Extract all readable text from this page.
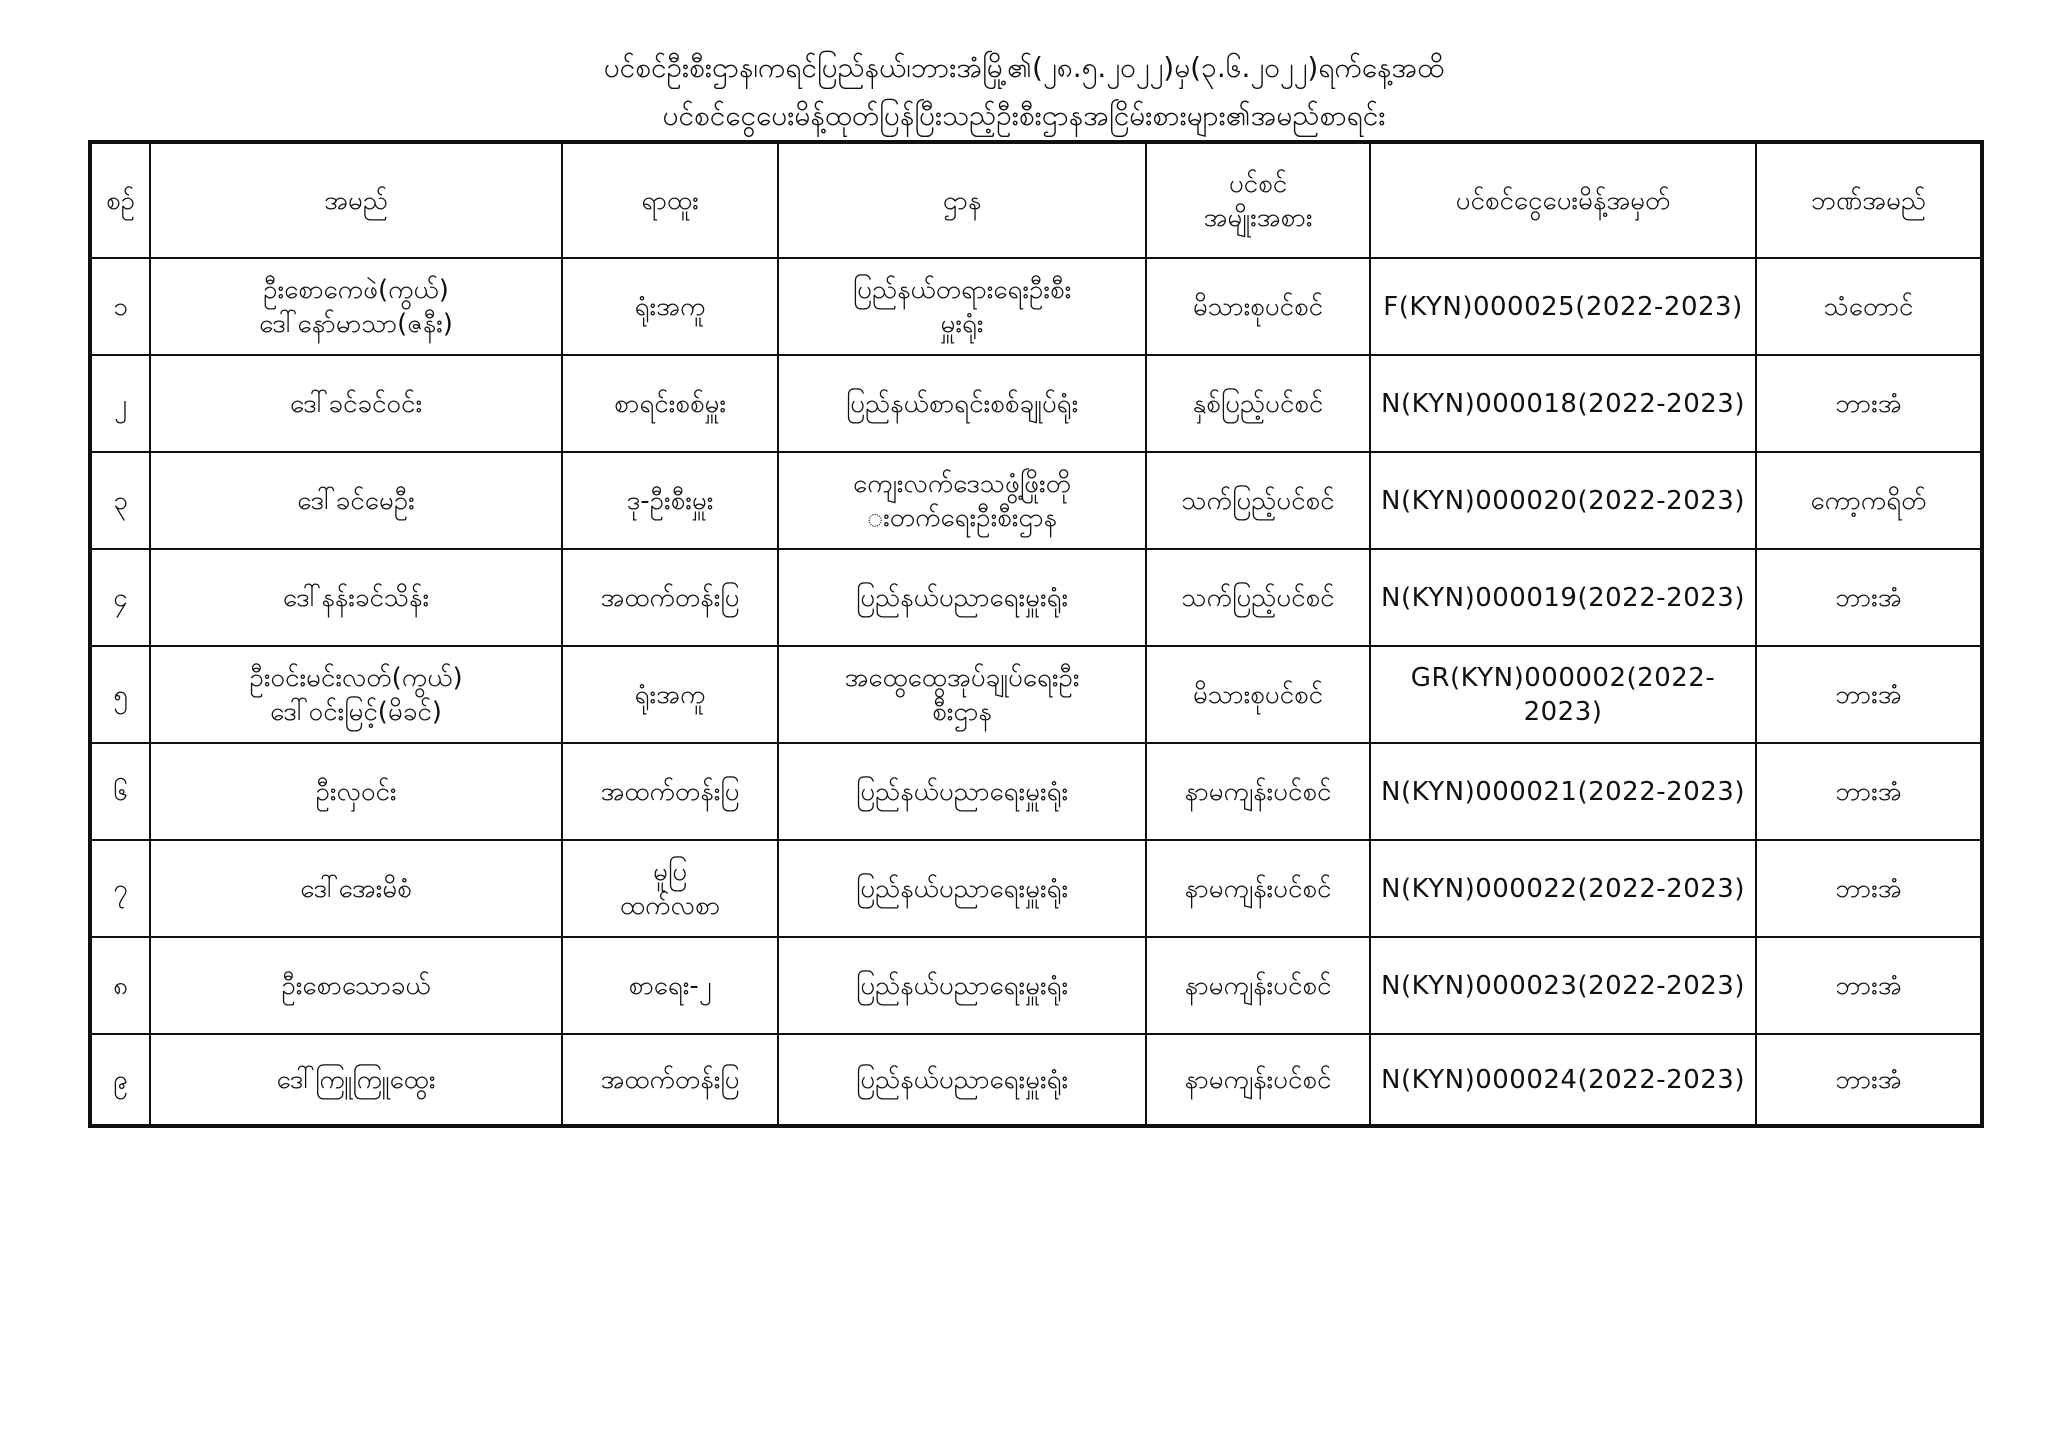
ပင်စင်ဦးစီးဌာန၊ကရင်ပြည်နယ်၊ဘားအံမြို့၏(၂၈.၅.၂၀၂၂)မှ(၃.၆.၂၀၂၂)ရက်နေ့အထိ
ပင်စင်ငွေပေးမိန့်ထုတ်ပြန်ပြီးသည့်ဦးစီးဌာနအငြိမ်းစားများ၏အမည်စာရင်း
စဉ်	အမည်	ရာထူး	ဌာန	ပင်စင်
အမျိုးအစား	ပင်စင်ငွေပေးမိန့်အမှတ်	ဘဏ်အမည်

၁	ဦးစောကေဖဲ(ကွယ်)
ဒေါ်နော်မာသာ(ဇနီး)	ရုံးအကူ	ပြည်နယ်တရားရေးဦးစီး
မှူးရုံး	မိသားစုပင်စင်	F(KYN)000025(2022-2023)	သံတောင်

၂	ဒေါ်ခင်ခင်ဝင်း	စာရင်းစစ်မှူး	ပြည်နယ်စာရင်းစစ်ချုပ်ရုံး	နှစ်ပြည့်ပင်စင်	N(KYN)000018(2022-2023)	ဘားအံ

၃	ဒေါ်ခင်မေဦး	ဒု-ဦးစီးမှူး	ကျေးလက်ဒေသဖွံ့ဖြိုးတို
းတက်ရေးဦးစီးဌာန	သက်ပြည့်ပင်စင်	N(KYN)000020(2022-2023)	ကော့ကရိတ်

၄	ဒေါ်နန်းခင်သိန်း	အထက်တန်းပြ	ပြည်နယ်ပညာရေးမှူးရုံး	သက်ပြည့်ပင်စင်	N(KYN)000019(2022-2023)	ဘားအံ

၅	ဦးဝင်းမင်းလတ်(ကွယ်)
ဒေါ်ဝင်းမြင့်(မိခင်)	ရုံးအကူ	အထွေထွေအုပ်ချုပ်ရေးဦး
စီးဌာန	မိသားစုပင်စင်	GR(KYN)000002(2022-2023)	ဘားအံ

၆	ဦးလှဝင်း	အထက်တန်းပြ	ပြည်နယ်ပညာရေးမှူးရုံး	နာမကျန်းပင်စင်	N(KYN)000021(2022-2023)	ဘားအံ

၇	ဒေါ်အေးမိစံ	မူပြ
ထက်လစာ	ပြည်နယ်ပညာရေးမှူးရုံး	နာမကျန်းပင်စင်	N(KYN)000022(2022-2023)	ဘားအံ

၈	ဦးစောသောခယ်	စာရေး-၂	ပြည်နယ်ပညာရေးမှူးရုံး	နာမကျန်းပင်စင်	N(KYN)000023(2022-2023)	ဘားအံ

၉	ဒေါ်ကြူကြူထွေး	အထက်တန်းပြ	ပြည်နယ်ပညာရေးမှူးရုံး	နာမကျန်းပင်စင်	N(KYN)000024(2022-2023)	ဘားအံ
